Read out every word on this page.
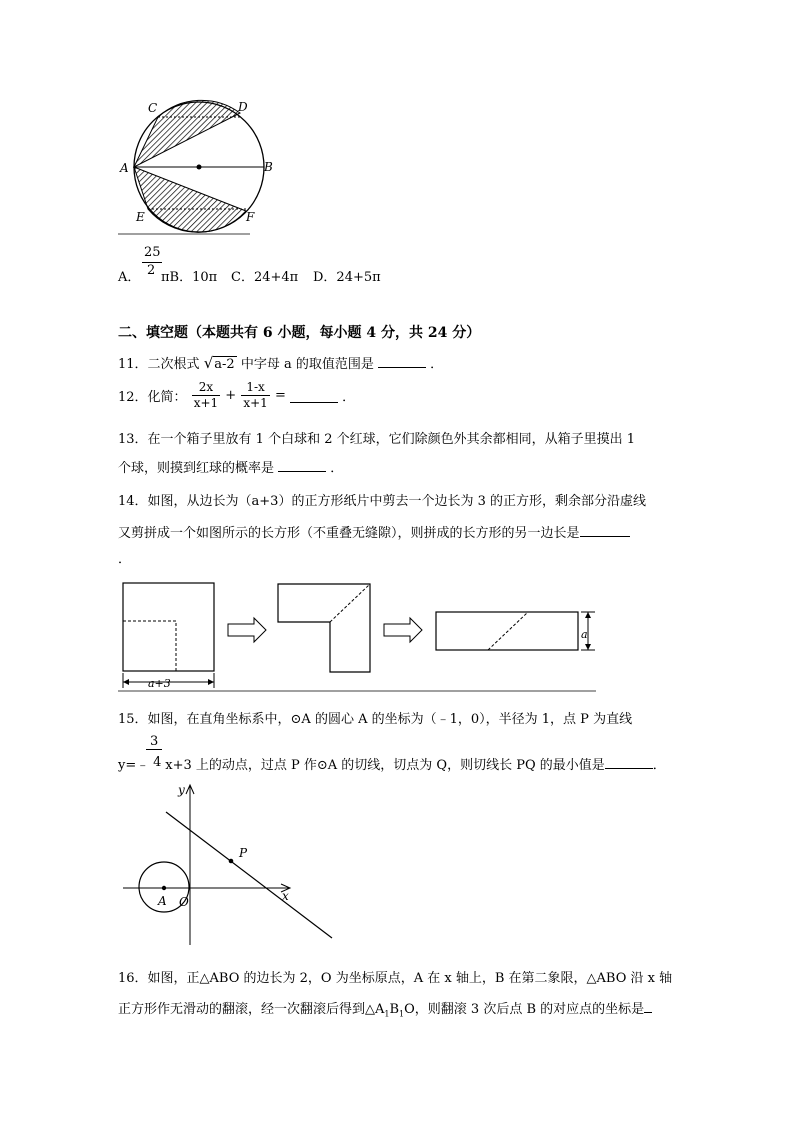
A
C	D
E	F
B
25
A． 2 πB．10π C．24+4π D．24+5π
二、填空题（本题共有 6 小题，每小题 4 分，共 24 分）
11．二次根式 √a-2 中字母 a 的取值范围是	．
12．化简： $\frac{2x}{x+1} + \frac{1-x}{x+1}$ =	．
13．在一个箱子里放有 1 个白球和 2 个红球，它们除颜色外其余都相同，从箱子里摸出 1
个球，则摸到红球的概率是	．
14．如图，从边长为（a+3）的正方形纸片中剪去一个边长为 3 的正方形，剩余部分沿虚线
又剪拼成一个如图所示的长方形（不重叠无缝隙），则拼成的长方形的另一边长是
．
a+3
a
15．如图，在直角坐标系中，⊙A 的圆心 A 的坐标为（﹣1，0），半径为 1，点 P 为直线
3
y=﹣ 4 x+3 上的动点，过点 P 作⊙A 的切线，切点为 Q，则切线长 PQ 的最小值是	．
y
x
A O
P
16．如图，正△ABO 的边长为 2，O 为坐标原点，A 在 x 轴上，B 在第二象限，△ABO 沿 x 轴
正方形作无滑动的翻滚，经一次翻滚后得到$\triangle A_1B_1O$，则翻滚 3 次后点 B 的对应点的坐标是
